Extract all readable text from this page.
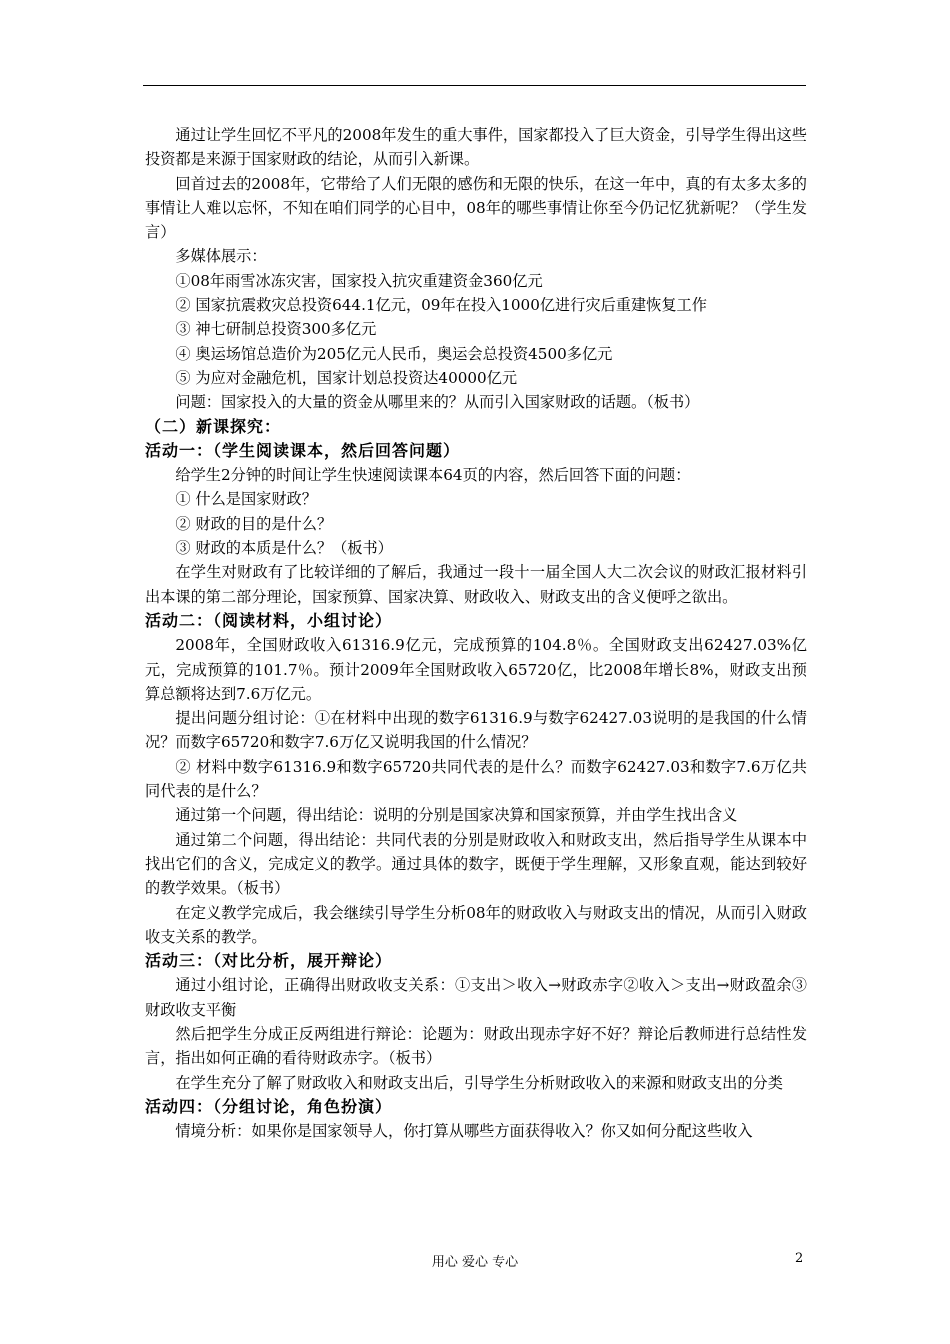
通过让学生回忆不平凡的2008年发生的重大事件，国家都投入了巨大资金，引导学生得出这些投资都是来源于国家财政的结论，从而引入新课。

回首过去的2008年，它带给了人们无限的感伤和无限的快乐，在这一年中，真的有太多太多的事情让人难以忘怀，不知在咱们同学的心目中，08年的哪些事情让你至今仍记忆犹新呢？（学生发言）

多媒体展示：

①08年雨雪冰冻灾害，国家投入抗灾重建资金360亿元

② 国家抗震救灾总投资644.1亿元，09年在投入1000亿进行灾后重建恢复工作

③ 神七研制总投资300多亿元

④ 奥运场馆总造价为205亿元人民币，奥运会总投资4500多亿元

⑤ 为应对金融危机，国家计划总投资达40000亿元

问题：国家投入的大量的资金从哪里来的？从而引入国家财政的话题。（板书）

（二）新课探究：

活动一：（学生阅读课本，然后回答问题）

给学生2分钟的时间让学生快速阅读课本64页的内容，然后回答下面的问题：

① 什么是国家财政？

② 财政的目的是什么？

③ 财政的本质是什么？（板书）

在学生对财政有了比较详细的了解后，我通过一段十一届全国人大二次会议的财政汇报材料引出本课的第二部分理论，国家预算、国家决算、财政收入、财政支出的含义便呼之欲出。

活动二：（阅读材料，小组讨论）

2008年，全国财政收入61316.9亿元，完成预算的104.8％。全国财政支出62427.03%亿元，完成预算的101.7％。预计2009年全国财政收入65720亿，比2008年增长8%，财政支出预算总额将达到7.6万亿元。

提出问题分组讨论：①在材料中出现的数字61316.9与数字62427.03说明的是我国的什么情况？而数字65720和数字7.6万亿又说明我国的什么情况？

② 材料中数字61316.9和数字65720共同代表的是什么？而数字62427.03和数字7.6万亿共同代表的是什么？

通过第一个问题，得出结论：说明的分别是国家决算和国家预算，并由学生找出含义

通过第二个问题，得出结论：共同代表的分别是财政收入和财政支出，然后指导学生从课本中找出它们的含义，完成定义的教学。通过具体的数字，既便于学生理解，又形象直观，能达到较好的教学效果。（板书）

在定义教学完成后，我会继续引导学生分析08年的财政收入与财政支出的情况，从而引入财政收支关系的教学。

活动三：（对比分析，展开辩论）

通过小组讨论，正确得出财政收支关系：①支出＞收入→财政赤字②收入＞支出→财政盈余③财政收支平衡

然后把学生分成正反两组进行辩论：论题为：财政出现赤字好不好？辩论后教师进行总结性发言，指出如何正确的看待财政赤字。（板书）

在学生充分了解了财政收入和财政支出后，引导学生分析财政收入的来源和财政支出的分类

活动四：（分组讨论，角色扮演）

情境分析：如果你是国家领导人，你打算从哪些方面获得收入？你又如何分配这些收入

用心 爱心 专心	2
